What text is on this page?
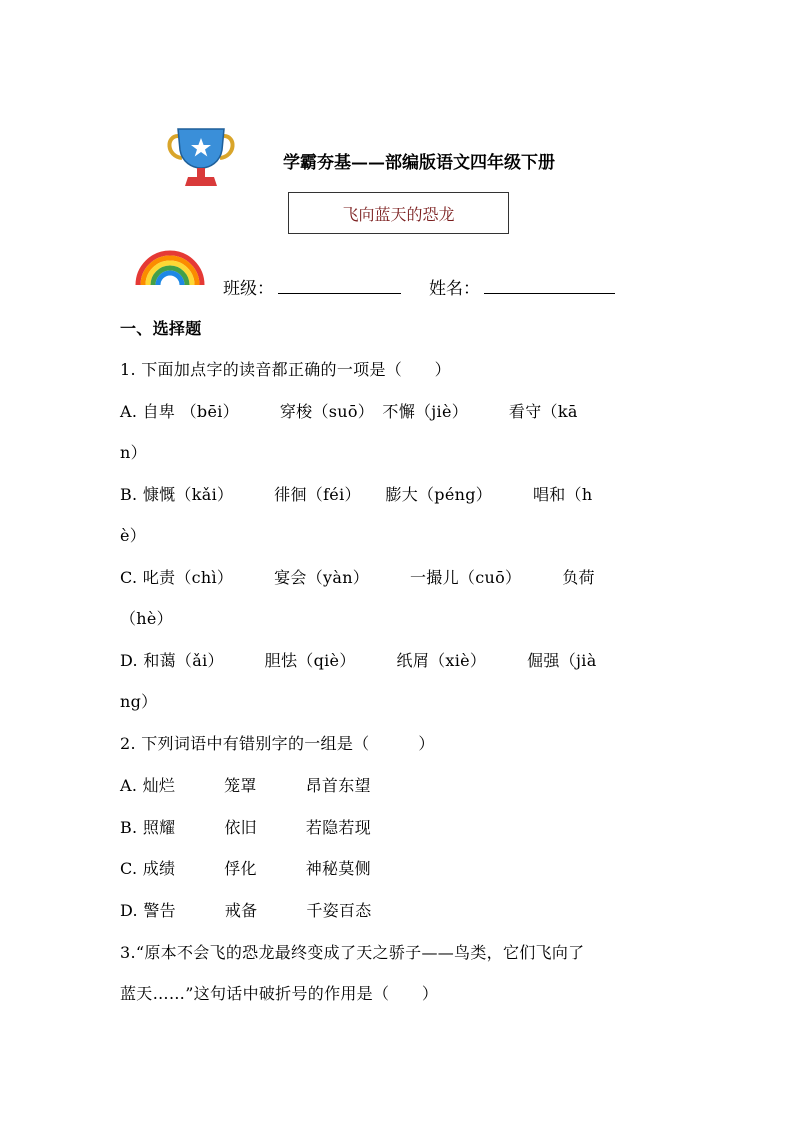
学霸夯基——部编版语文四年级下册
飞向蓝天的恐龙
班级：	姓名：
一、选择题
1. 下面加点字的读音都正确的一项是（　　）
A. 自卑 （bēi）　　　穿梭（suō）　不懈（jiè）　　　看守（kā
n）
B. 慷慨（kǎi）　　　徘徊（féi）　　膨大（péng）　　　唱和（h
è）
C. 叱责（chì）　　　宴会（yàn）　　　一撮儿（cuō）　　　负荷
（hè）
D. 和蔼（ǎi）　　　胆怯（qiè）　　　纸屑（xiè）　　　倔强（jià
ng）
2. 下列词语中有错别字的一组是（　　　）
A. 灿烂　　　笼罩　　　昂首东望
B. 照耀　　　依旧　　　若隐若现
C. 成绩　　　俘化　　　神秘莫侧
D. 警告　　　戒备　　　千姿百态
3.“原本不会飞的恐龙最终变成了天之骄子——鸟类，它们飞向了
蓝天……”这句话中破折号的作用是（　　）
